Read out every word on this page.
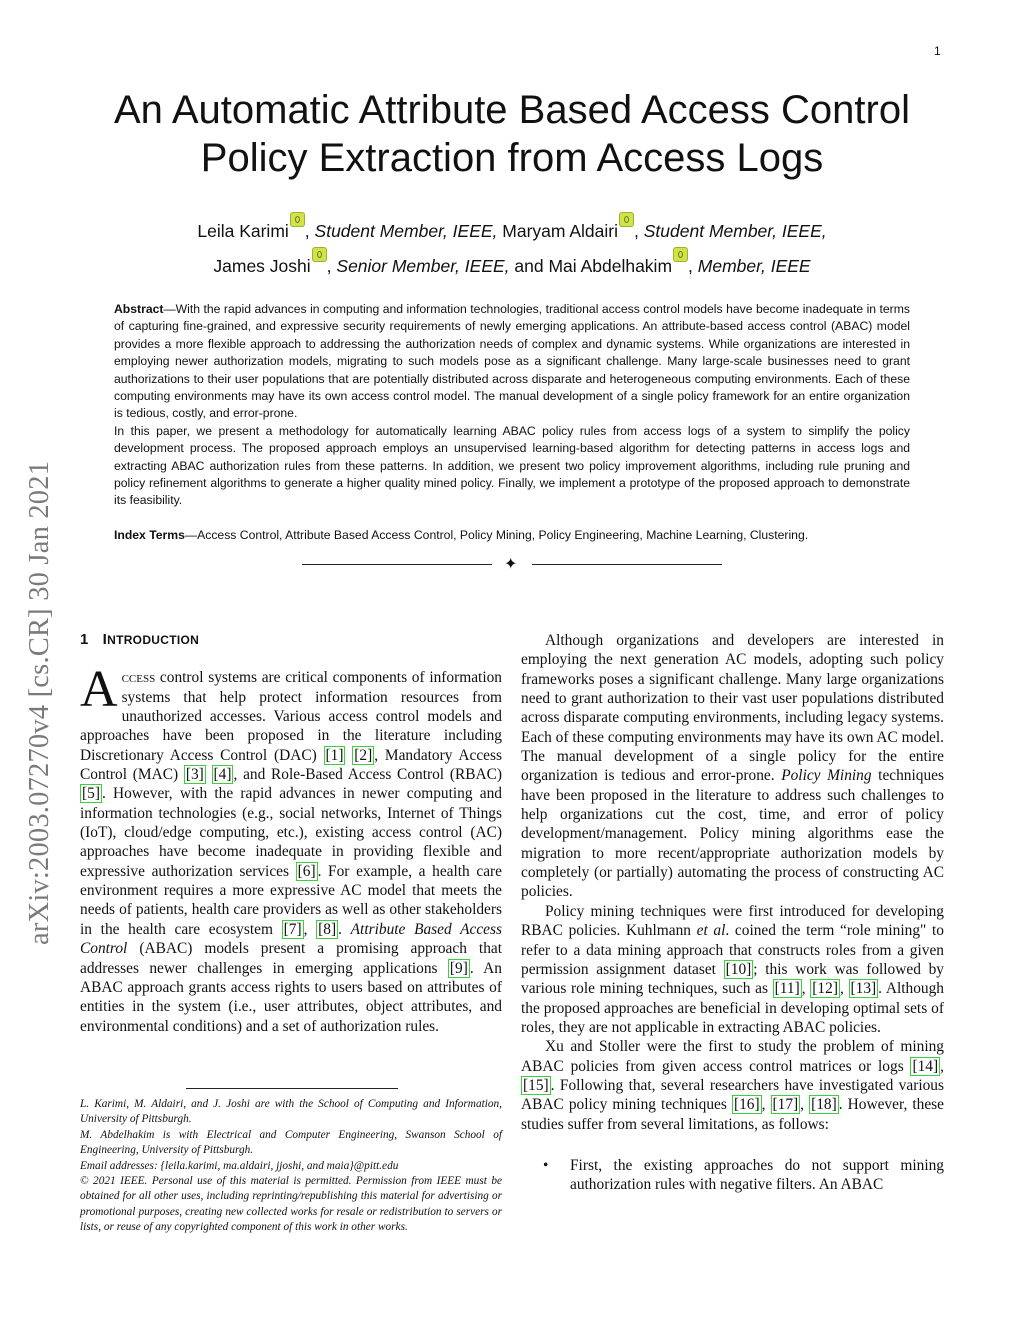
1
An Automatic Attribute Based Access Control
Policy Extraction from Access Logs
Leila Karimi , Student Member, IEEE, Maryam Aldairi , Student Member, IEEE,
James Joshi , Senior Member, IEEE, and Mai Abdelhakim , Member, IEEE

Abstract—With the rapid advances in computing and information technologies, traditional access control models have become inadequate in terms of capturing fine-grained, and expressive security requirements of newly emerging applications. An attribute-based access control (ABAC) model provides a more flexible approach to addressing the authorization needs of complex and dynamic systems. While organizations are interested in employing newer authorization models, migrating to such models pose as a significant challenge. Many large-scale businesses need to grant authorizations to their user populations that are potentially distributed across disparate and heterogeneous computing environments. Each of these computing environments may have its own access control model. The manual development of a single policy framework for an entire organization is tedious, costly, and error-prone.

In this paper, we present a methodology for automatically learning ABAC policy rules from access logs of a system to simplify the policy development process. The proposed approach employs an unsupervised learning-based algorithm for detecting patterns in access logs and extracting ABAC authorization rules from these patterns. In addition, we present two policy improvement algorithms, including rule pruning and policy refinement algorithms to generate a higher quality mined policy. Finally, we implement a prototype of the proposed approach to demonstrate its feasibility.

Index Terms—Access Control, Attribute Based Access Control, Policy Mining, Policy Engineering, Machine Learning, Clustering.
✦
arXiv:2003.07270v4 [cs.CR] 30 Jan 2021 1 INTRODUCTION

Access control systems are critical components of information systems that help protect information resources from unauthorized accesses. Various access control models and approaches have been proposed in the literature including Discretionary Access Control (DAC) [1] [2] , Mandatory Access Control (MAC) [3] [4] , and Role-Based Access Control (RBAC) [5] . However, with the rapid advances in newer computing and information technologies (e.g., social networks, Internet of Things (IoT), cloud/edge computing, etc.), existing access control (AC) approaches have become inadequate in providing flexible and expressive authorization services [6] . For example, a health care environment requires a more expressive AC model that meets the needs of patients, health care providers as well as other stakeholders in the health care ecosystem [7] , [8] . Attribute Based Access Control (ABAC) models present a promising approach that addresses newer challenges in emerging applications [9] . An ABAC approach grants access rights to users based on attributes of entities in the system (i.e., user attributes, object attributes, and environmental conditions) and a set of authorization rules.

L. Karimi, M. Aldairi, and J. Joshi are with the School of Computing and Information, University of Pittsburgh.

M. Abdelhakim is with Electrical and Computer Engineering, Swanson School of Engineering, University of Pittsburgh.

Email addresses: {leila.karimi, ma.aldairi, jjoshi, and maia}@pitt.edu

© 2021 IEEE. Personal use of this material is permitted. Permission from IEEE must be obtained for all other uses, including reprinting/republishing this material for advertising or promotional purposes, creating new collected works for resale or redistribution to servers or lists, or reuse of any copyrighted component of this work in other works.

Although organizations and developers are interested in employing the next generation AC models, adopting such policy frameworks poses a significant challenge. Many large organizations need to grant authorization to their vast user populations distributed across disparate computing environments, including legacy systems. Each of these computing environments may have its own AC model. The manual development of a single policy for the entire organization is tedious and error-prone. Policy Mining techniques have been proposed in the literature to address such challenges to help organizations cut the cost, time, and error of policy development/management. Policy mining algorithms ease the migration to more recent/appropriate authorization models by completely (or partially) automating the process of constructing AC policies.

Policy mining techniques were first introduced for developing RBAC policies. Kuhlmann et al. coined the term “role mining" to refer to a data mining approach that constructs roles from a given permission assignment dataset [10] ; this work was followed by various role mining techniques, such as [11] , [12] , [13] . Although the proposed approaches are beneficial in developing optimal sets of roles, they are not applicable in extracting ABAC policies.

Xu and Stoller were the first to study the problem of mining ABAC policies from given access control matrices or logs [14] , [15] . Following that, several researchers have investigated various ABAC policy mining techniques [16] , [17] , [18] . However, these studies suffer from several limitations, as follows:

• First, the existing approaches do not support mining authorization rules with negative filters. An ABAC
